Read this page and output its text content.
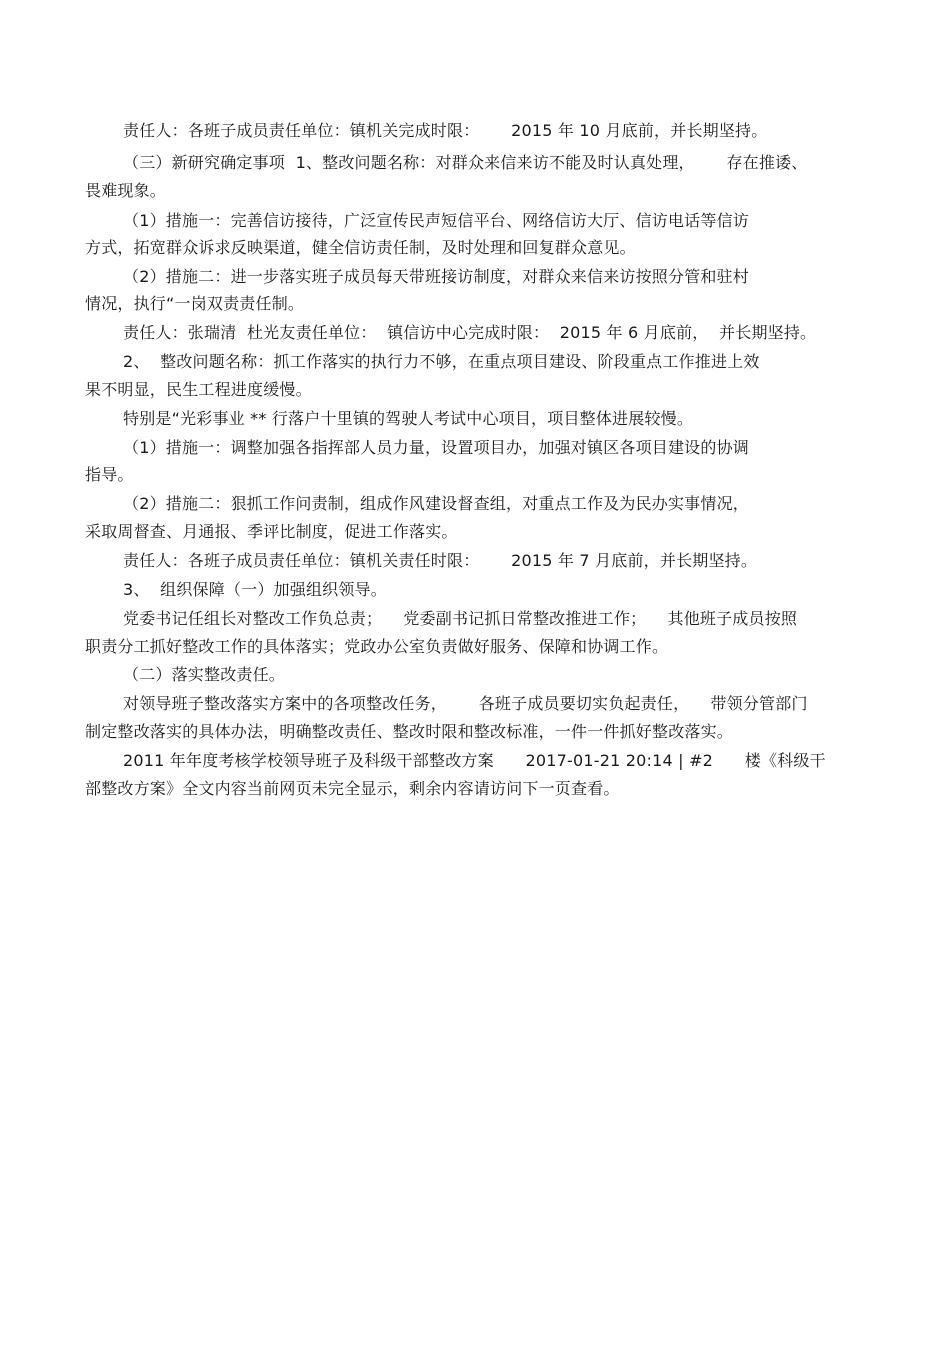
责任人：各班子成员责任单位：镇机关完成时限：      2015 年 10 月底前，并长期坚持。
（三）新研究确定事项  1、整改问题名称：对群众来信来访不能及时认真处理，      存在推诿、
畏难现象。
（1）措施一：完善信访接待，广泛宣传民声短信平台、网络信访大厅、信访电话等信访
方式，拓宽群众诉求反映渠道，健全信访责任制，及时处理和回复群众意见。
（2）措施二：进一步落实班子成员每天带班接访制度，对群众来信来访按照分管和驻村
情况，执行“一岗双责责任制。
责任人：张瑞清  杜光友责任单位：  镇信访中心完成时限：  2015 年 6 月底前，  并长期坚持。
2、  整改问题名称：抓工作落实的执行力不够，在重点项目建设、阶段重点工作推进上效
果不明显，民生工程进度缓慢。
特别是“光彩事业 ** 行落户十里镇的驾驶人考试中心项目，项目整体进展较慢。
（1）措施一：调整加强各指挥部人员力量，设置项目办，加强对镇区各项目建设的协调
指导。
（2）措施二：狠抓工作问责制，组成作风建设督查组，对重点工作及为民办实事情况，
采取周督查、月通报、季评比制度，促进工作落实。
责任人：各班子成员责任单位：镇机关责任时限：      2015 年 7 月底前，并长期坚持。
3、  组织保障（一）加强组织领导。
党委书记任组长对整改工作负总责；    党委副书记抓日常整改推进工作；    其他班子成员按照
职责分工抓好整改工作的具体落实；党政办公室负责做好服务、保障和协调工作。
（二）落实整改责任。
对领导班子整改落实方案中的各项整改任务，      各班子成员要切实负起责任，    带领分管部门
制定整改落实的具体办法，明确整改责任、整改时限和整改标准，一件一件抓好整改落实。
2011 年年度考核学校领导班子及科级干部整改方案      2017-01-21 20:14 | #2      楼《科级干
部整改方案》全文内容当前网页未完全显示，剩余内容请访问下一页查看。
